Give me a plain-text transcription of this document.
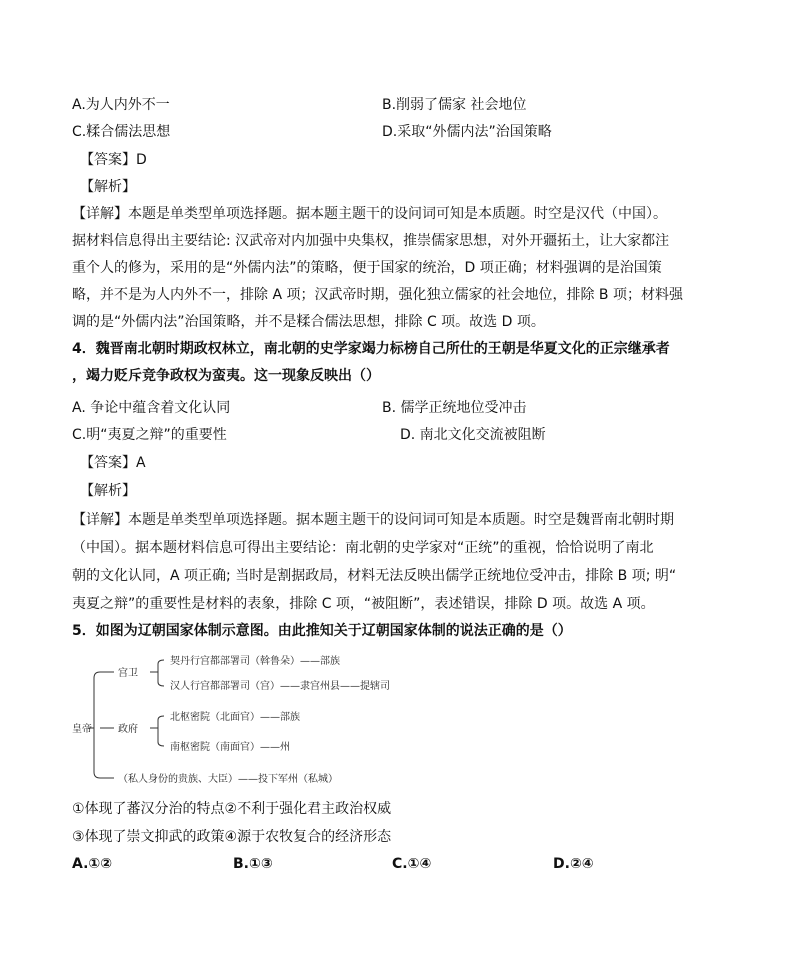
A.为人内外不一	B.削弱了儒家 社会地位
C.糅合儒法思想	D.采取“外儒内法”治国策略
【答案】D
【解析】
【详解】本题是单类型单项选择题。据本题主题干的设问词可知是本质题。时空是汉代（中国）。
据材料信息得出主要结论: 汉武帝对内加强中央集权，推崇儒家思想，对外开疆拓土，让大家都注
重个人的修为，采用的是“外儒内法”的策略，便于国家的统治，D 项正确；材料强调的是治国策
略，并不是为人内外不一，排除 A 项；汉武帝时期，强化独立儒家的社会地位，排除 B 项；材料强
调的是“外儒内法”治国策略，并不是糅合儒法思想，排除 C 项。故选 D 项。
4．魏晋南北朝时期政权林立，南北朝的史学家竭力标榜自己所仕的王朝是华夏文化的正宗继承者
，竭力贬斥竞争政权为蛮夷。这一现象反映出（）
A. 争论中蕴含着文化认同	B. 儒学正统地位受冲击
C.明“夷夏之辩”的重要性	D. 南北文化交流被阻断
【答案】A
【解析】
【详解】本题是单类型单项选择题。据本题主题干的设问词可知是本质题。时空是魏晋南北朝时期
（中国）。据本题材料信息可得出主要结论：南北朝的史学家对“正统”的重视，恰恰说明了南北
朝的文化认同，A 项正确; 当时是割据政局，材料无法反映出儒学正统地位受冲击，排除 B 项; 明“
夷夏之辩”的重要性是材料的表象，排除 C 项，“被阻断”，表述错误，排除 D 项。故选 A 项。
5．如图为辽朝国家体制示意图。由此推知关于辽朝国家体制的说法正确的是（）
皇帝
宫卫
契丹行宫都部署司（斡鲁朵）——部族
汉人行宫都部署司（宫）——隶宫州县——提辖司
政府
北枢密院（北面官）——部族
南枢密院（南面官）——州
（私人身份的贵族、大臣）——投下军州（私城）
①体现了蕃汉分治的特点②不利于强化君主政治权威
③体现了崇文抑武的政策④源于农牧复合的经济形态
A.①②	B.①③	C.①④	D.②④
